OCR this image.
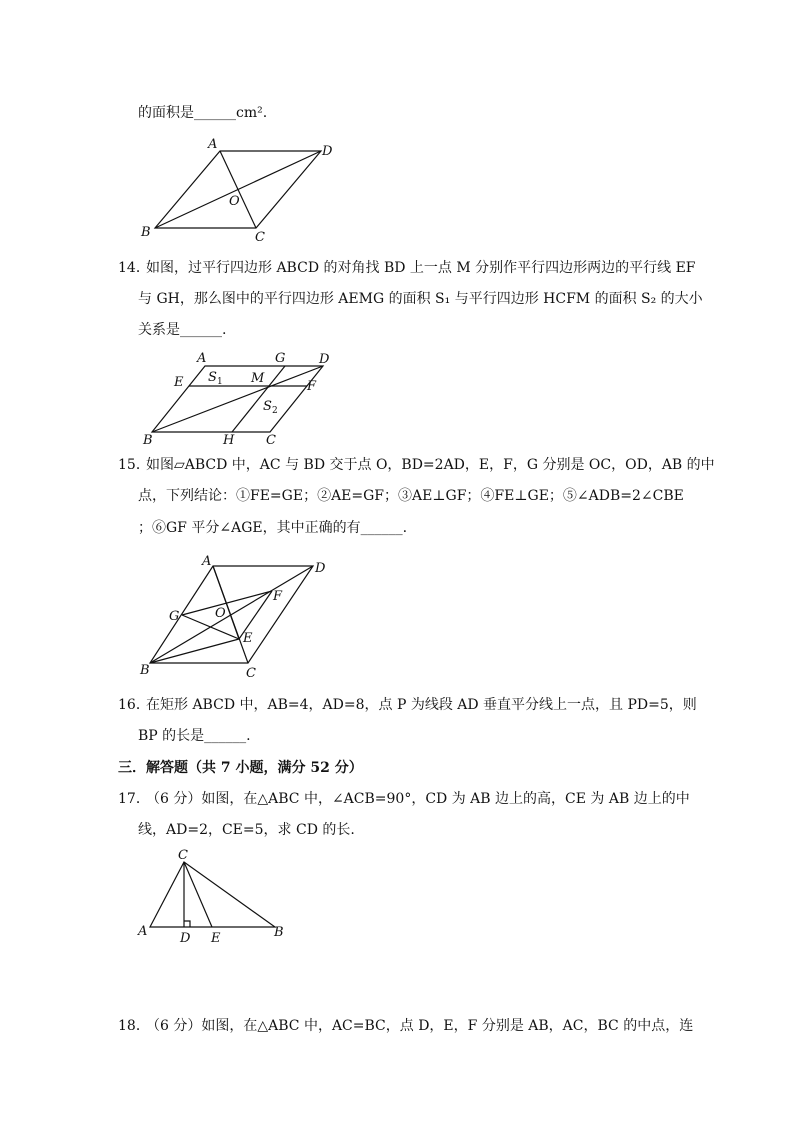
的面积是______cm².
A	D
O
B	C
14．
如图，过平行四边形 ABCD 的对角找 BD 上一点 M 分别作平行四边形两边的平行线 EF
与 GH，那么图中的平行四边形 AEMG 的面积 S₁ 与平行四边形 HCFM 的面积 S₂ 的大小
关系是______.
A	G	D
E S 1 M
F
S 2
B	H C
15．
如图▱ABCD 中，AC 与 BD 交于点 O，BD=2AD，E，F，G 分别是 OC，OD，AB 的中
点，下列结论：①FE=GE；②AE=GF；③AE⊥GF；④FE⊥GE；⑤∠ADB=2∠CBE
；⑥GF 平分∠AGE，其中正确的有______.
A	D
F
G	O
E
B	C
16．
在矩形 ABCD 中，AB=4，AD=8，点 P 为线段 AD 垂直平分线上一点，且 PD=5，则
BP 的长是______.
三．解答题（共 7 小题，满分 52 分）
17．
（6 分）如图，在△ABC 中，∠ACB=90°，CD 为 AB 边上的高，CE 为 AB 边上的中
线，AD=2，CE=5，求 CD 的长.
C
A	D E	B
18．
（6 分）如图，在△ABC 中，AC=BC，点 D，E，F 分别是 AB，AC，BC 的中点，连
